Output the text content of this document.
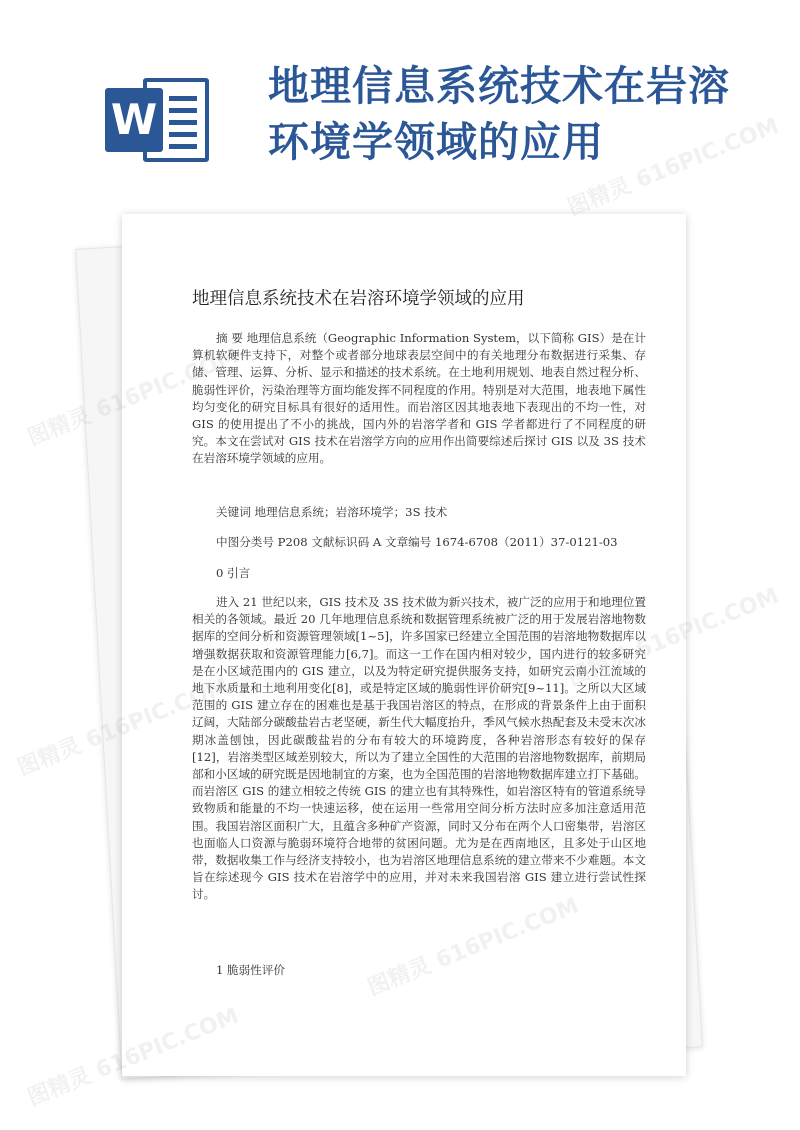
W
地理信息系统技术在岩溶环境学领域的应用
地理信息系统技术在岩溶环境学领域的应用

摘 要 地理信息系统（Geographic Information System，以下简称 GIS）是在计算机软硬件支持下，对整个或者部分地球表层空间中的有关地理分布数据进行采集、存储、管理、运算、分析、显示和描述的技术系统。在土地利用规划、地表自然过程分析、脆弱性评价，污染治理等方面均能发挥不同程度的作用。特别是对大范围，地表地下属性均匀变化的研究目标具有很好的适用性。而岩溶区因其地表地下表现出的不均一性，对 GIS 的使用提出了不小的挑战，国内外的岩溶学者和 GIS 学者都进行了不同程度的研究。本文在尝试对 GIS 技术在岩溶学方向的应用作出简要综述后探讨 GIS 以及 3S 技术在岩溶环境学领域的应用。

关键词 地理信息系统；岩溶环境学；3S 技术

中图分类号 P208 文献标识码 A 文章编号 1674-6708（2011）37-0121-03

0 引言

进入 21 世纪以来，GIS 技术及 3S 技术做为新兴技术，被广泛的应用于和地理位置相关的各领域。最近 20 几年地理信息系统和数据管理系统被广泛的用于发展岩溶地物数据库的空间分析和资源管理领域[1~5]，许多国家已经建立全国范围的岩溶地物数据库以增强数据获取和资源管理能力[6,7]。而这一工作在国内相对较少，国内进行的较多研究是在小区域范围内的 GIS 建立，以及为特定研究提供服务支持，如研究云南小江流域的地下水质量和土地利用变化[8]，或是特定区域的脆弱性评价研究[9~11]。之所以大区域范围的 GIS 建立存在的困难也是基于我国岩溶区的特点，在形成的背景条件上由于面积辽阔，大陆部分碳酸盐岩古老坚硬，新生代大幅度抬升，季风气候水热配套及未受末次冰期冰盖刨蚀，因此碳酸盐岩的分布有较大的环境跨度，各种岩溶形态有较好的保存 [12]，岩溶类型区域差别较大，所以为了建立全国性的大范围的岩溶地物数据库，前期局部和小区域的研究既是因地制宜的方案，也为全国范围的岩溶地物数据库建立打下基础。而岩溶区 GIS 的建立相较之传统 GIS 的建立也有其特殊性，如岩溶区特有的管道系统导致物质和能量的不均一快速运移，使在运用一些常用空间分析方法时应多加注意适用范围。我国岩溶区面积广大，且蕴含多种矿产资源，同时又分布在两个人口密集带，岩溶区也面临人口资源与脆弱环境符合地带的贫困问题。尤为是在西南地区，且多处于山区地带，数据收集工作与经济支持较小，也为岩溶区地理信息系统的建立带来不少难题。本文旨在综述现今 GIS 技术在岩溶学中的应用，并对未来我国岩溶 GIS 建立进行尝试性探讨。

1 脆弱性评价

图精灵
616PIC.COM
图精灵
图精灵
